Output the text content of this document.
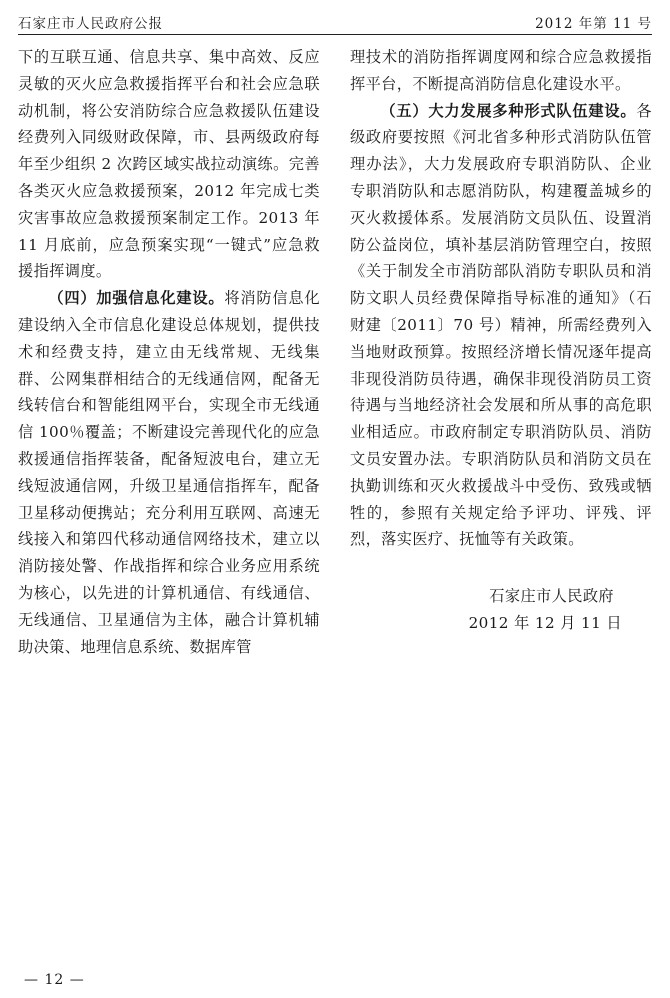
石家庄市人民政府公报	2012 年第 11 号

下的互联互通、信息共享、集中高效、反应灵敏的灭火应急救援指挥平台和社会应急联动机制，将公安消防综合应急救援队伍建设经费列入同级财政保障，市、县两级政府每年至少组织 2 次跨区域实战拉动演练。完善各类灭火应急救援预案，2012 年完成七类灾害事故应急救援预案制定工作。2013 年 11 月底前，应急预案实现“一键式”应急救援指挥调度。

（四）加强信息化建设。将消防信息化建设纳入全市信息化建设总体规划，提供技术和经费支持，建立由无线常规、无线集群、公网集群相结合的无线通信网，配备无线转信台和智能组网平台，实现全市无线通信 100％覆盖；不断建设完善现代化的应急救援通信指挥装备，配备短波电台，建立无线短波通信网，升级卫星通信指挥车，配备卫星移动便携站；充分利用互联网、高速无线接入和第四代移动通信网络技术，建立以消防接处警、作战指挥和综合业务应用系统为核心，以先进的计算机通信、有线通信、无线通信、卫星通信为主体，融合计算机辅助决策、地理信息系统、数据库管

理技术的消防指挥调度网和综合应急救援指挥平台，不断提高消防信息化建设水平。

（五）大力发展多种形式队伍建设。各级政府要按照《河北省多种形式消防队伍管理办法》，大力发展政府专职消防队、企业专职消防队和志愿消防队，构建覆盖城乡的灭火救援体系。发展消防文员队伍、设置消防公益岗位，填补基层消防管理空白，按照《关于制发全市消防部队消防专职队员和消防文职人员经费保障指导标准的通知》（石财建〔2011〕70 号）精神，所需经费列入当地财政预算。按照经济增长情况逐年提高非现役消防员待遇，确保非现役消防员工资待遇与当地经济社会发展和所从事的高危职业相适应。市政府制定专职消防队员、消防文员安置办法。专职消防队员和消防文员在执勤训练和灭火救援战斗中受伤、致残或牺牲的，参照有关规定给予评功、评残、评烈，落实医疗、抚恤等有关政策。

石家庄市人民政府
2012 年 12 月 11 日
— 12 —
